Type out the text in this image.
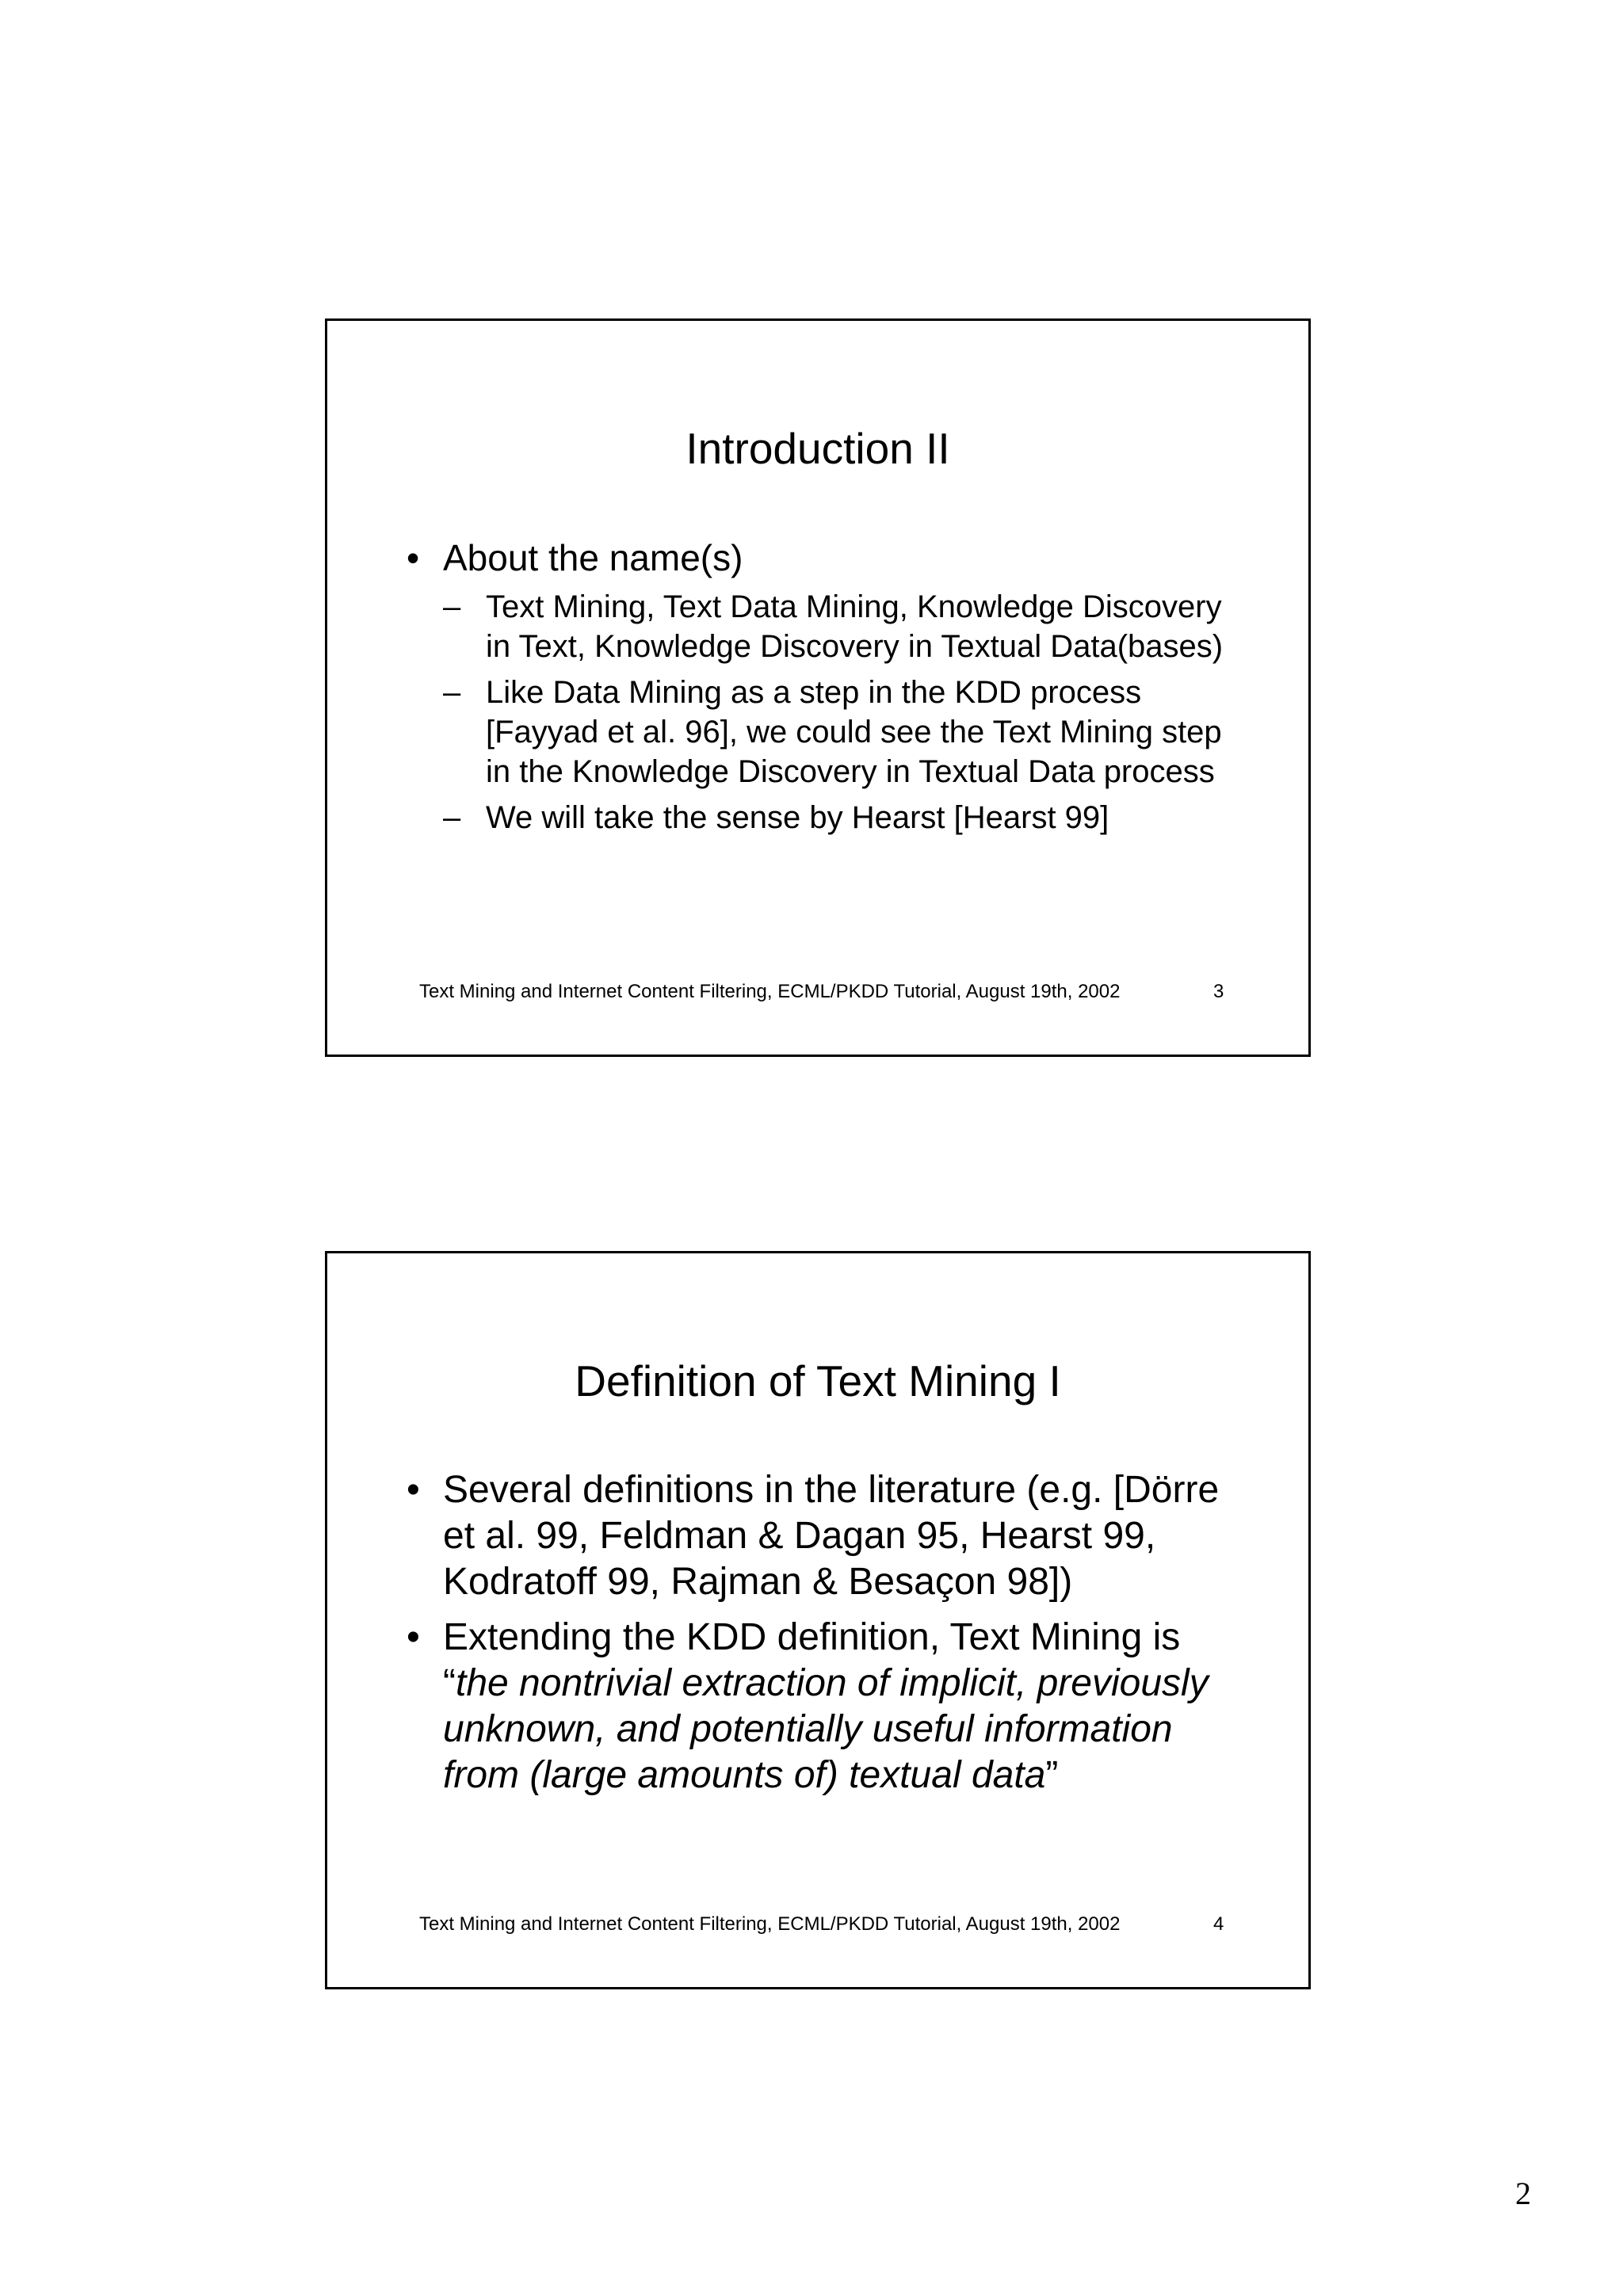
Introduction II
• About the name(s)
– Text Mining, Text Data Mining, Knowledge Discovery in Text, Knowledge Discovery in Textual Data(bases)
– Like Data Mining as a step in the KDD process [Fayyad et al. 96], we could see the Text Mining step in the Knowledge Discovery in Textual Data process
– We will take the sense by Hearst [Hearst 99]
Text Mining and Internet Content Filtering, ECML/PKDD Tutorial, August 19th, 2002	3
Definition of Text Mining I
• Several definitions in the literature (e.g. [Dörre et al. 99, Feldman & Dagan 95, Hearst 99, Kodratoff 99, Rajman & Besaçon 98])
• Extending the KDD definition, Text Mining is “the nontrivial extraction of implicit, previously unknown, and potentially useful information from (large amounts of) textual data”
Text Mining and Internet Content Filtering, ECML/PKDD Tutorial, August 19th, 2002	4
2
